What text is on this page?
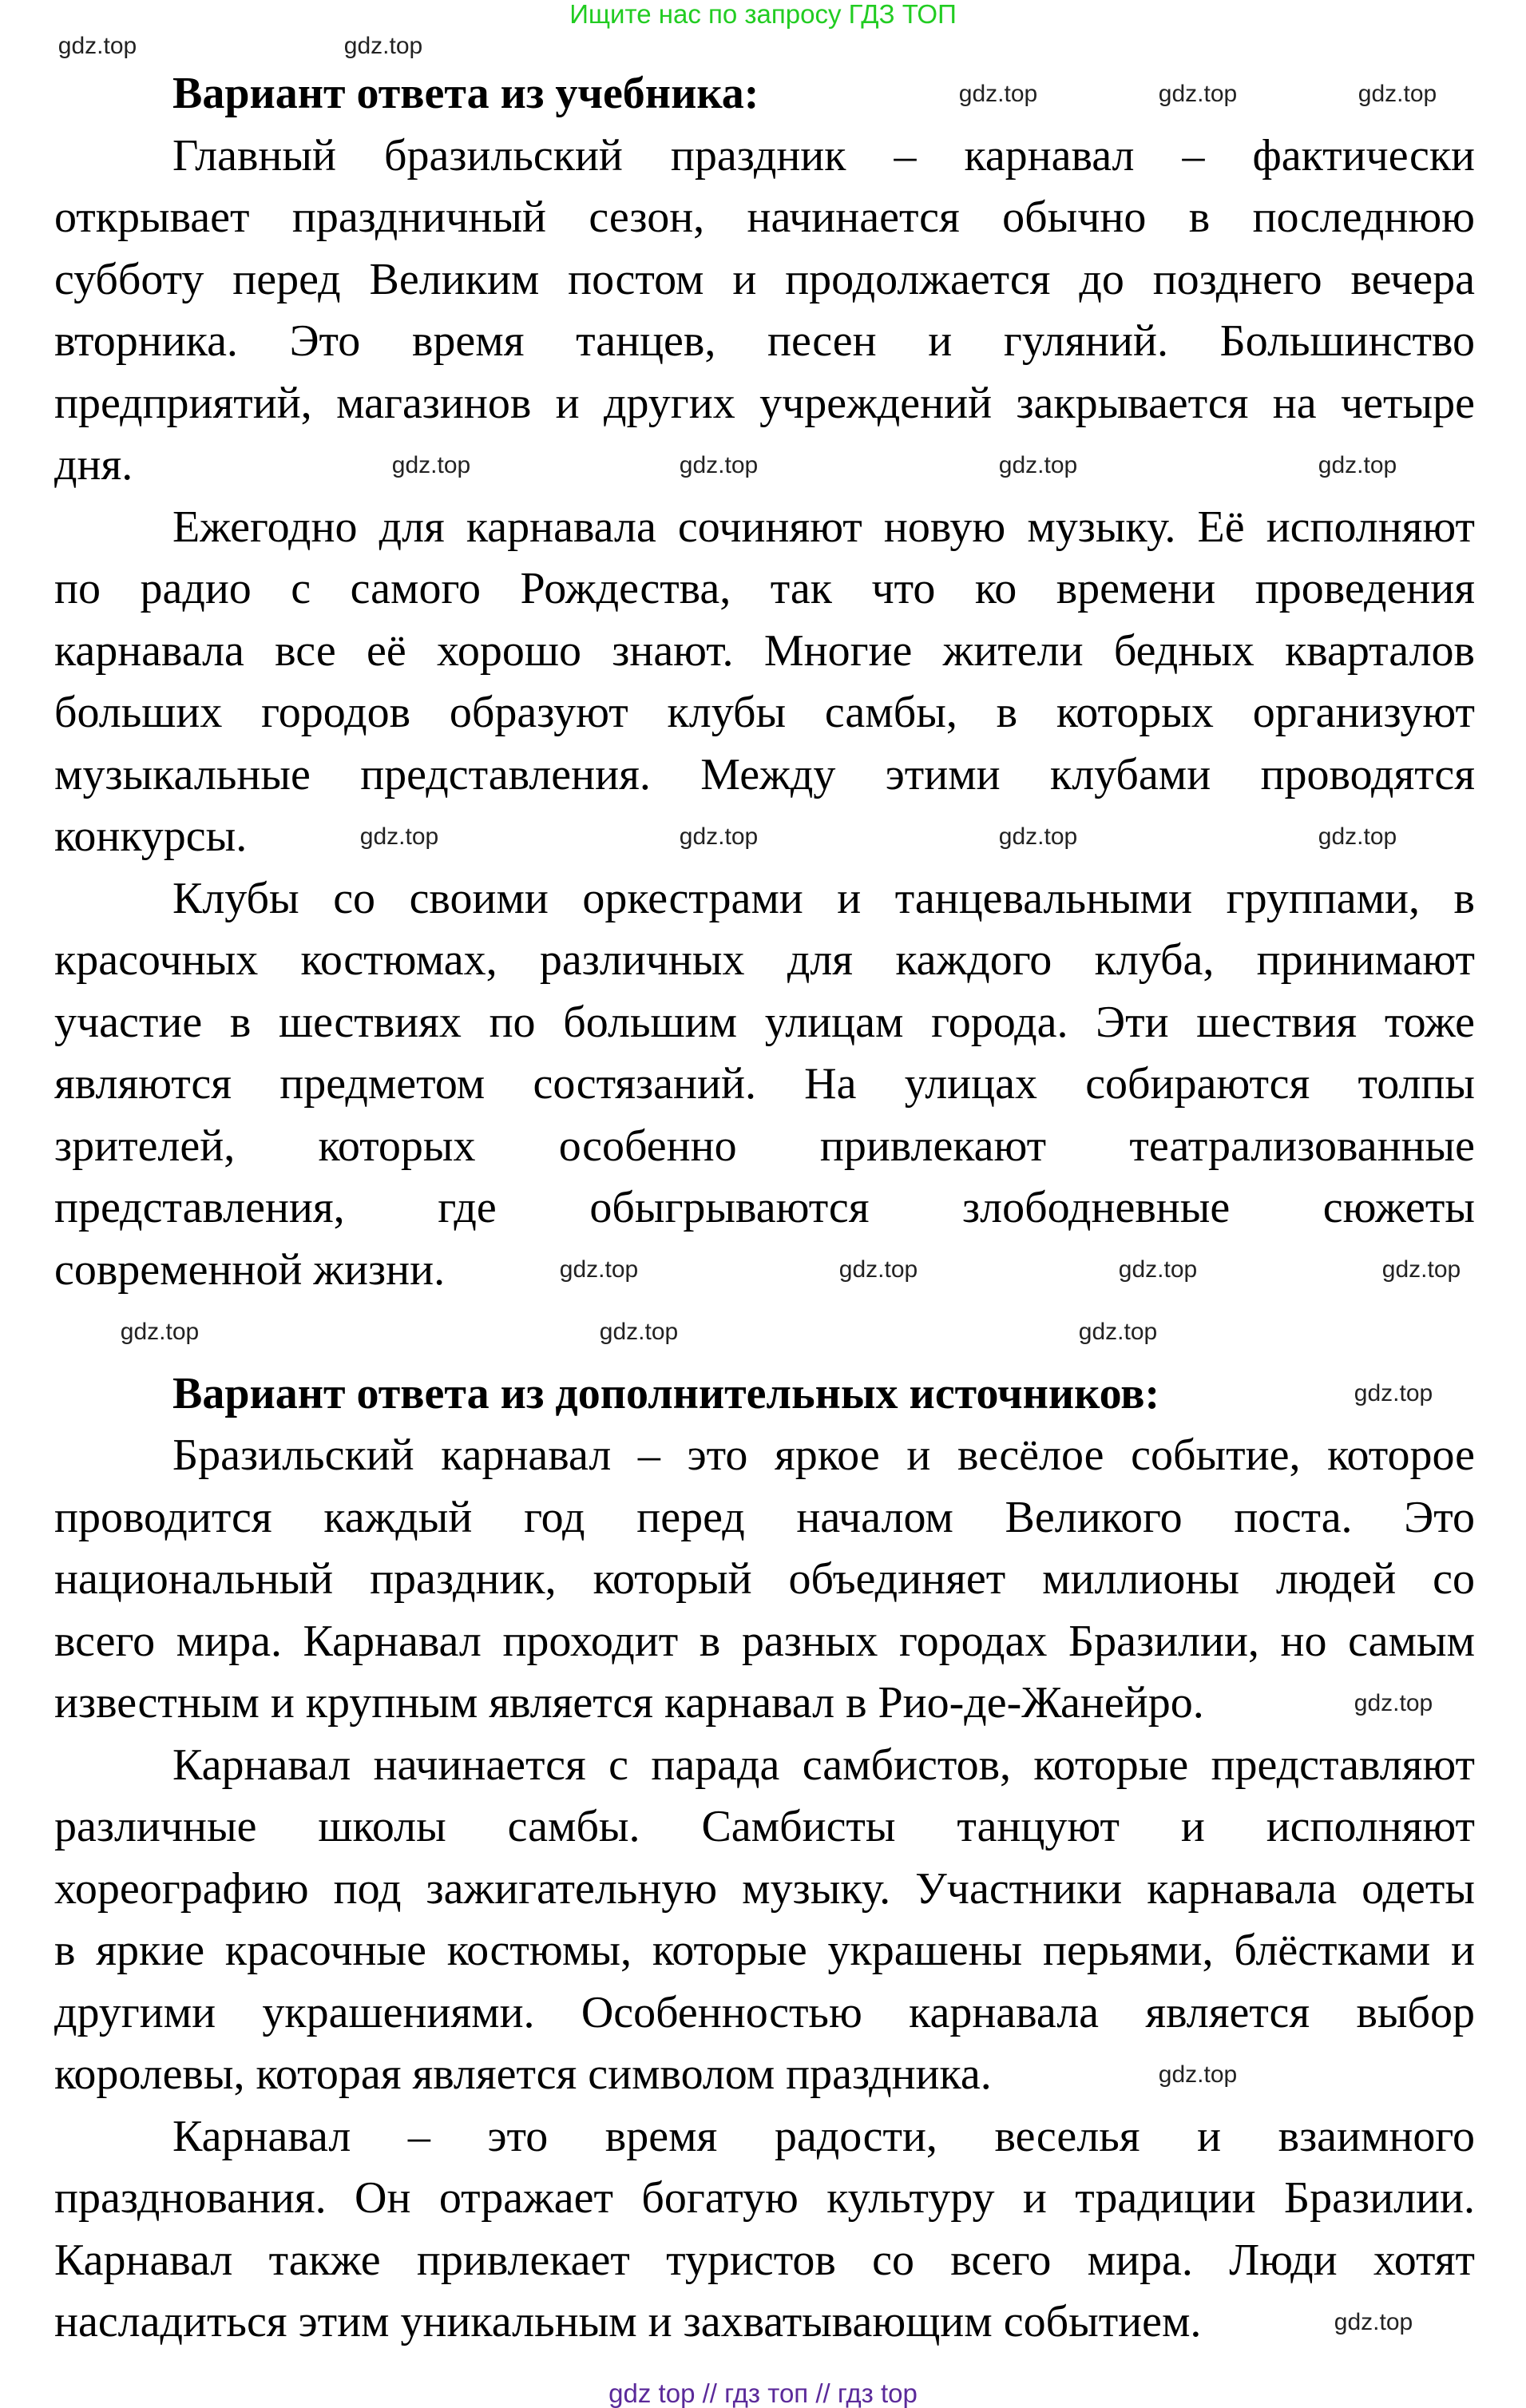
Ищите нас по запросу ГДЗ ТОП
Вариант ответа из учебника:
Главный бразильский праздник – карнавал – фактически
открывает праздничный сезон, начинается обычно в последнюю
субботу перед Великим постом и продолжается до позднего вечера
вторника. Это время танцев, песен и гуляний. Большинство
предприятий, магазинов и других учреждений закрывается на четыре
дня.
Ежегодно для карнавала сочиняют новую музыку. Её исполняют
по радио с самого Рождества, так что ко времени проведения
карнавала все её хорошо знают. Многие жители бедных кварталов
больших городов образуют клубы самбы, в которых организуют
музыкальные представления. Между этими клубами проводятся
конкурсы.
Клубы со своими оркестрами и танцевальными группами, в
красочных костюмах, различных для каждого клуба, принимают
участие в шествиях по большим улицам города. Эти шествия тоже
являются предметом состязаний. На улицах собираются толпы
зрителей, которых особенно привлекают театрализованные
представления, где обыгрываются злободневные сюжеты
современной жизни.
Вариант ответа из дополнительных источников:
Бразильский карнавал – это яркое и весёлое событие, которое
проводится каждый год перед началом Великого поста. Это
национальный праздник, который объединяет миллионы людей со
всего мира. Карнавал проходит в разных городах Бразилии, но самым
известным и крупным является карнавал в Рио-де-Жанейро.
Карнавал начинается с парада самбистов, которые представляют
различные школы самбы. Самбисты танцуют и исполняют
хореографию под зажигательную музыку. Участники карнавала одеты
в яркие красочные костюмы, которые украшены перьями, блёстками и
другими украшениями. Особенностью карнавала является выбор
королевы, которая является символом праздника.
Карнавал – это время радости, веселья и взаимного
празднования. Он отражает богатую культуру и традиции Бразилии.
Карнавал также привлекает туристов со всего мира. Люди хотят
насладиться этим уникальным и захватывающим событием.
gdz.top	gdz.top
gdz.top	gdz.top	gdz.top
gdz.top	gdz.top	gdz.top	gdz.top
gdz.top	gdz.top	gdz.top	gdz.top
gdz.top	gdz.top	gdz.top	gdz.top
gdz.top	gdz.top	gdz.top
gdz.top
gdz.top
gdz.top
gdz.top
gdz top // гдз топ // гдз top
